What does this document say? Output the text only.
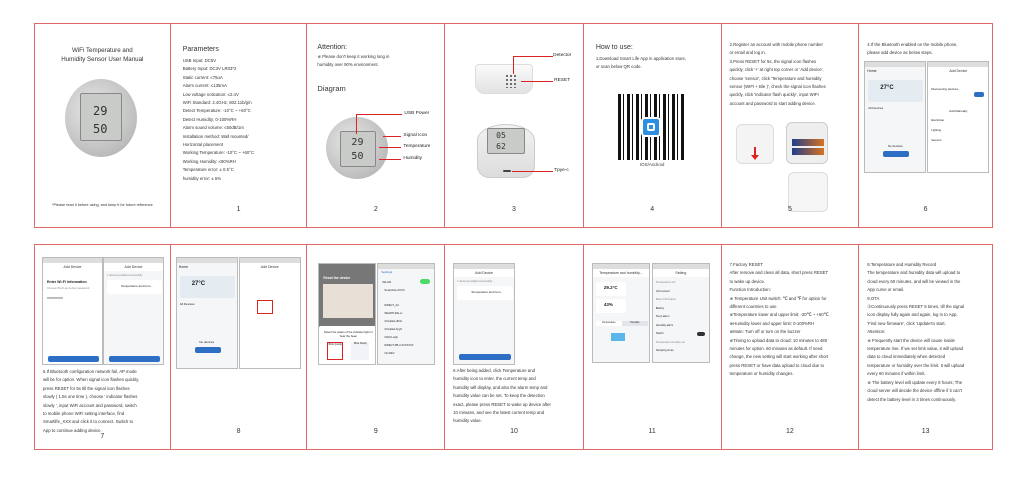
WiFi Temperature and
Humidity Sensor User Manual
29
50
*Please read it before using, and keep it for future reference
Parameters
USB Input: DC5V
Battery Input: DC3V LR03*2
Static current: ≤75uA
Alarm current: ≤135mA
Low voltage notication: ≤2.4V
WiFi Standard: 2.4GHz, 802.11b/g/n
Detect Temperature: -10°C ~ +60°C
Detect Humidity: 0-100%RH
Alarm sound volume: ≤50dB/1m
Installation method: Wall mounted/
Horizontal placement
Working Temperature: -10°C ~ +60°C
Working Humidity: ≤90%RH
Temperature error: ± 0.5°C
humidity error: ± 5%
1
Attention:
※ Please don't keep it working long in
humidity over 90% environment.
Diagram
29
50
USB Power
Signal Icon
Temperature
Humidity
2
Detector
RESET
05
62
Tpye-c
3
How to use:
1.Download Smart Life App in application store,
or scan below QR code.
IOS/Android
4
2.Register an account with mobile phone number
or email and log in.
3.Press RESET for 5s, the signal icon flashes
quickly, click '+' at right top corner or 'Add device',
choose 'sensor', click 'Temperature and humidity
sensor (WIFI + Ble )', check the signal icon flashes
quickly, click 'indicator flash quickly', input WIFI
account and password to start adding device.
5
4.If the Bluetooth enabled on the mobile phone,
please add device as below steps.
Home
27°C
All Devices
No devices
Add Device
Discovering devices...
Add Manually
Electrician
Lighting
Sensors
6
Add Device
Enter Wi-Fi Information
Choose Wi-Fi and enter password
XXXXXXXX
Add Device
1 device(s) added successfully
Temperature and hum...
5.If Bluetooth configuration network fail, AP mode
will be for option. When signal icon flashes quickly,
press RESET for 5s till the signal icon flashes
slowly ( 1.5s one time ), choose ' indicator flashes
slowly ', input WiFi account and password, switch
to mobile phone WiFi setting interface, find
Smartlife_XXX and click it to connect. Switch to
App to continue adding device.
7
Home
27°C
All Devices
No devices
Add Device
8
Reset the device
Select the status of the indicator light or hear the beep
Blink Quickly	Blink Slowly
Settings
WLAN
SmartLife-XXXX
DIRECT_A4
SMARTLIFE-xx
ChinaNet-4Pdc
ChinaNet-6yyN
CMCC-wrjk
DIRECT-PB-A XXXXXXX
OH-DEV
9
Add Device
1 device(s) added successfully
Temperature and hum...
6.After being added, click Temperature and
humidity icon to enter, the current temp and
humidity will display, and also the alarm temp and
humidity value can be set. To keep the detection
exact, please press RESET to wake up device after
10 minutes, and see the latest current temp and
humidity value.
10
Temperature and humidity...
29.2°C
43%
Temperature	Humidity
Setting
Temperature unit
Unit convert
Basic information
Battery
Temp alarm
Humidity alarm
Switch
Temperature humidity set
Sampling times
11
7.Factory RESET
After remove and clean all data, short press RESET
to wake up device.
Function Introduction:
※ Temperature Unit switch: ℃ and ℉ for option for
different countries to use
※Temperature lower and upper limit: -20℃ ~ +60℃
※Humidity lower and upper limit: 0-100%RH
※Mute: Turn off or turn on the buzzer
※Timing to upload data to cloud: 10 minutes to 480
minutes for option. 60 minutes as default. If need
change, the new setting will start working after short
press RESET or have data upload to cloud due to
temperature or humidity changes.
12
8.Temperature and Humidity Record
The temperature and humidity data will upload to
cloud every 60 minutes, and will be viewed in the
App curve or email.
9.OTA
①Continuously press RESET 5 times, till the signal
icon display fully again and again, log in to App,
'Find new firmware', click 'Update'to start.
Attention:
※ Frequently start the device will cause inside
temperature rise. If we set limit value, it will upload
data to cloud immediately when detected
temperature or humidity over the limit. It will upload
every 60 minutes if within limit.
※ The battery level will update every 8 hours; The
cloud server will decide the device offline if it can't
detect the battery level in 3 times continuously.
13
